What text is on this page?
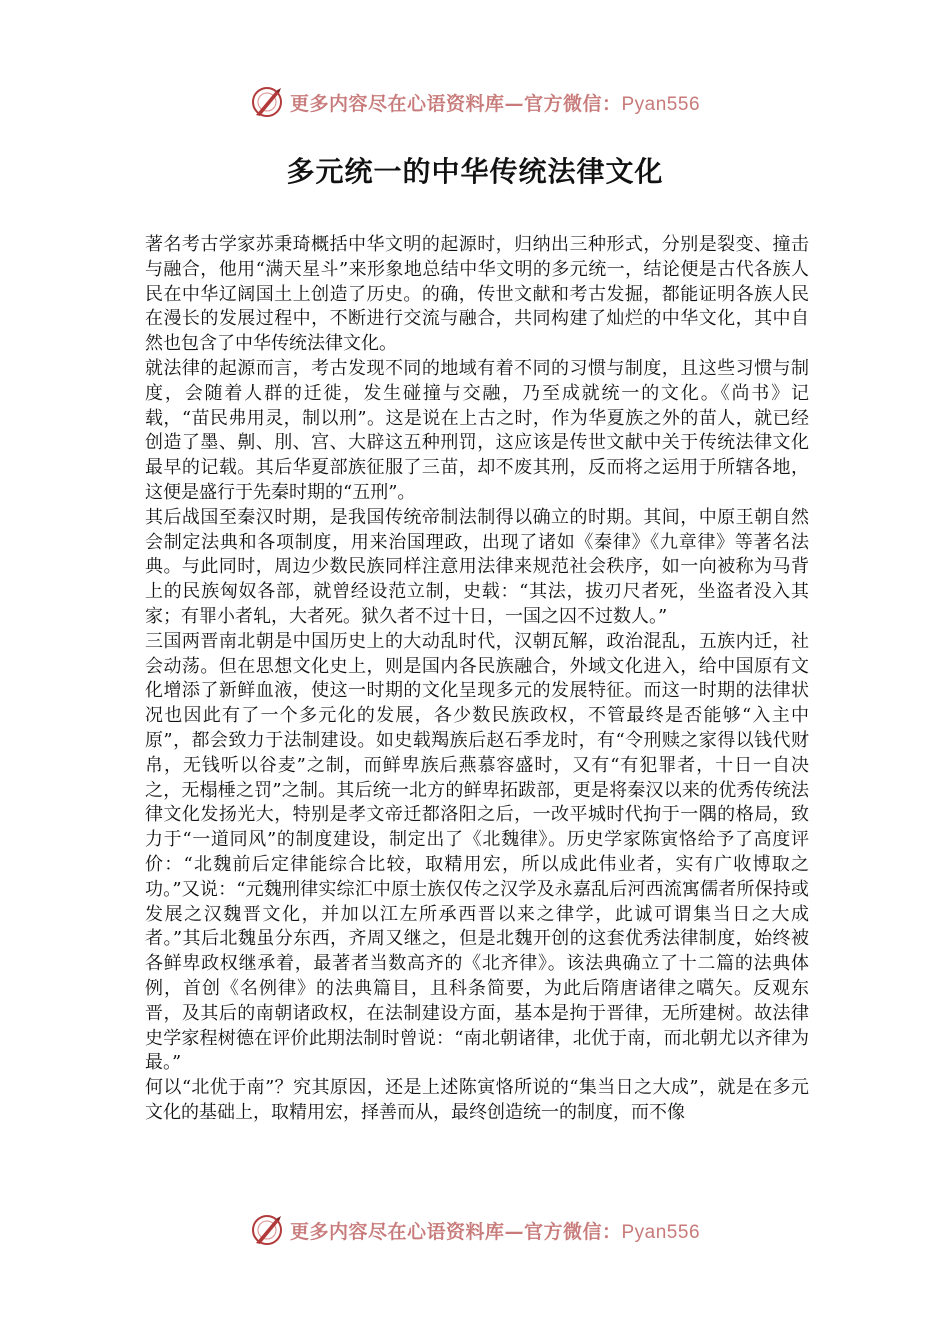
更多内容尽在心语资料库—官方微信：Pyan556
多元统一的中华传统法律文化

著名考古学家苏秉琦概括中华文明的起源时，归纳出三种形式，分别是裂变、撞击与融合，他用“满天星斗”来形象地总结中华文明的多元统一，结论便是古代各族人民在中华辽阔国土上创造了历史。的确，传世文献和考古发掘，都能证明各族人民在漫长的发展过程中，不断进行交流与融合，共同构建了灿烂的中华文化，其中自然也包含了中华传统法律文化。

就法律的起源而言，考古发现不同的地域有着不同的习惯与制度，且这些习惯与制度，会随着人群的迁徙，发生碰撞与交融，乃至成就统一的文化。《尚书》记载，“苗民弗用灵，制以刑”。这是说在上古之时，作为华夏族之外的苗人，就已经创造了墨、劓、刖、宫、大辟这五种刑罚，这应该是传世文献中关于传统法律文化最早的记载。其后华夏部族征服了三苗，却不废其刑，反而将之运用于所辖各地，这便是盛行于先秦时期的“五刑”。

其后战国至秦汉时期，是我国传统帝制法制得以确立的时期。其间，中原王朝自然会制定法典和各项制度，用来治国理政，出现了诸如《秦律》《九章律》等著名法典。与此同时，周边少数民族同样注意用法律来规范社会秩序，如一向被称为马背上的民族匈奴各部，就曾经设范立制，史载：“其法，拔刃尺者死，坐盗者没入其家；有罪小者轧，大者死。狱久者不过十日，一国之囚不过数人。”

三国两晋南北朝是中国历史上的大动乱时代，汉朝瓦解，政治混乱，五族内迁，社会动荡。但在思想文化史上，则是国内各民族融合，外域文化进入，给中国原有文化增添了新鲜血液，使这一时期的文化呈现多元的发展特征。而这一时期的法律状况也因此有了一个多元化的发展，各少数民族政权，不管最终是否能够“入主中原”，都会致力于法制建设。如史载羯族后赵石季龙时，有“令刑赎之家得以钱代财帛，无钱听以谷麦”之制，而鲜卑族后燕慕容盛时，又有“有犯罪者，十日一自决之，无榻棰之罚”之制。其后统一北方的鲜卑拓跋部，更是将秦汉以来的优秀传统法律文化发扬光大，特别是孝文帝迁都洛阳之后，一改平城时代拘于一隅的格局，致力于“一道同风”的制度建设，制定出了《北魏律》。历史学家陈寅恪给予了高度评价：“北魏前后定律能综合比较，取精用宏，所以成此伟业者，实有广收博取之功。”又说：“元魏刑律实综汇中原士族仅传之汉学及永嘉乱后河西流寓儒者所保持或发展之汉魏晋文化，并加以江左所承西晋以来之律学，此诚可谓集当日之大成者。”其后北魏虽分东西，齐周又继之，但是北魏开创的这套优秀法律制度，始终被各鲜卑政权继承着，最著者当数高齐的《北齐律》。该法典确立了十二篇的法典体例，首创《名例律》的法典篇目，且科条简要，为此后隋唐诸律之嚆矢。反观东晋，及其后的南朝诸政权，在法制建设方面，基本是拘于晋律，无所建树。故法律史学家程树德在评价此期法制时曾说：“南北朝诸律，北优于南，而北朝尤以齐律为最。”

何以“北优于南”？究其原因，还是上述陈寅恪所说的“集当日之大成”，就是在多元文化的基础上，取精用宏，择善而从，最终创造统一的制度，而不像

更多内容尽在心语资料库—官方微信：Pyan556
